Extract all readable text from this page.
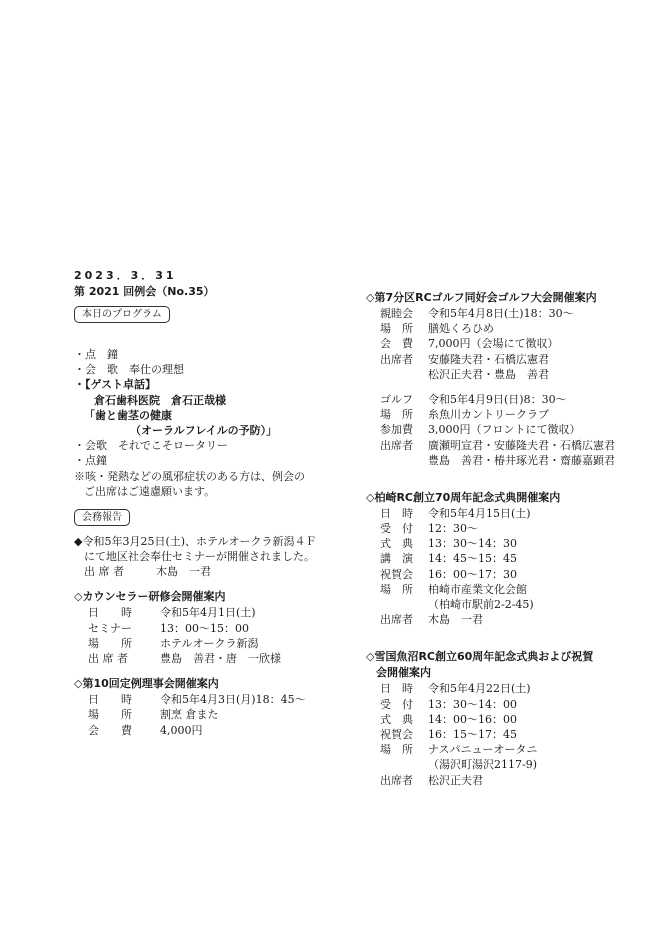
2023．3．31
第 2021 回例会（No.35）
本日のプログラム
・点　鐘
・会　歌　奉仕の理想
・【ゲスト卓話】
倉石歯科医院　倉石正哉様
「歯と歯茎の健康
（オーラルフレイルの予防）」
・会歌　それでこそロータリー
・点鐘
※咳・発熱などの風邪症状のある方は、例会の
ご出席はご遠慮願います。
会務報告
◆令和5年3月25日(土)、ホテルオークラ新潟４Ｆ
にて地区社会奉仕セミナーが開催されました。
出 席 者	木島　一君
◇カウンセラー研修会開催案内
日　　時	令和5年4月1日(土)
セミナー	13：00〜15：00
場　　所	ホテルオークラ新潟
出 席 者	豊島　善君・唐　一欣様
◇第10回定例理事会開催案内
日　　時	令和5年4月3日(月)18：45〜
場　　所	割烹 倉また
会　　費	4,000円
◇第7分区RCゴルフ同好会ゴルフ大会開催案内
親睦会 令和5年4月8日(土)18：30〜
場　所 膳処くろひめ
会　費 7,000円（会場にて徴収）
出席者 安藤隆夫君・石橋広憲君
松沢正夫君・豊島　善君
ゴルフ 令和5年4月9日(日)8：30〜
場　所 糸魚川カントリークラブ
参加費 3,000円（フロントにて徴収）
出席者 廣瀬明宣君・安藤隆夫君・石橋広憲君
豊島　善君・椿井琢光君・齋藤嘉顕君
◇柏崎RC創立70周年記念式典開催案内
日　時 令和5年4月15日(土)
受　付 12：30〜
式　典 13：30〜14：30
講　演 14：45〜15：45
祝賀会 16：00〜17：30
場　所 柏崎市産業文化会館
（柏崎市駅前2-2-45)
出席者 木島　一君
◇雪国魚沼RC創立60周年記念式典および祝賀
会開催案内
日　時 令和5年4月22日(土)
受　付 13：30〜14：00
式　典 14：00〜16：00
祝賀会 16：15〜17：45
場　所 ナスパニューオータニ
（湯沢町湯沢2117-9)
出席者 松沢正夫君
